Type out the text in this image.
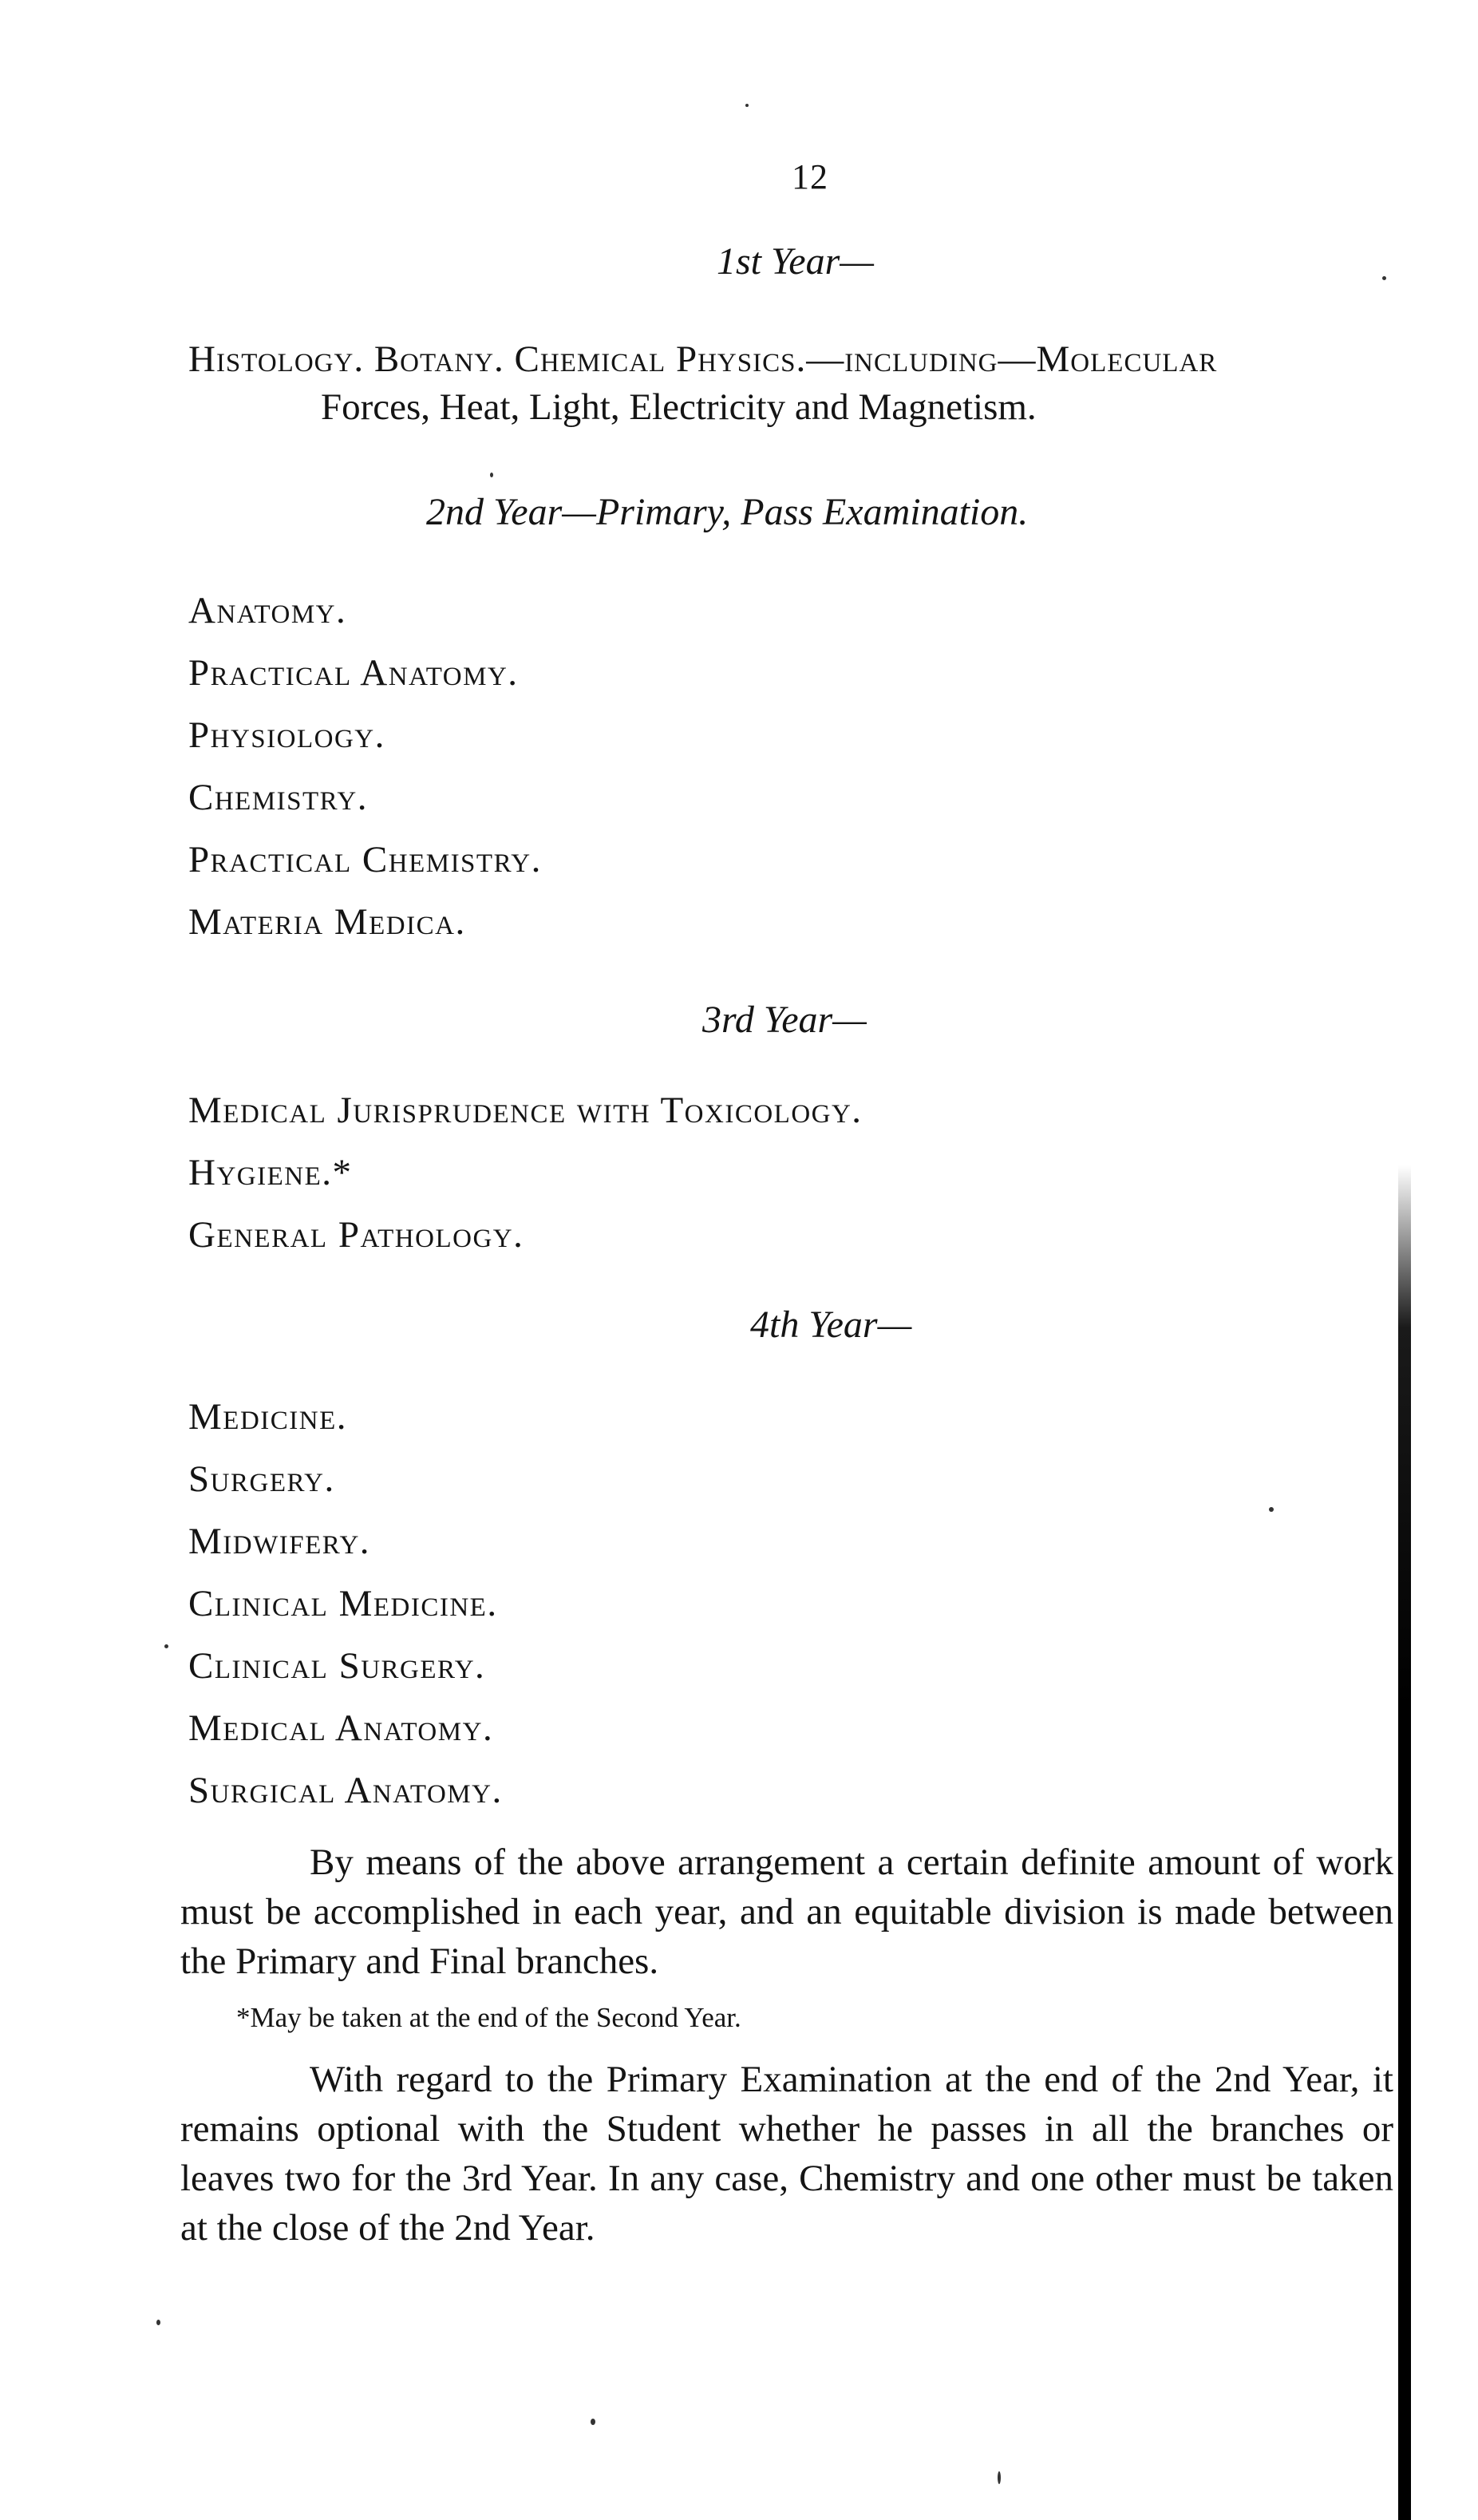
12
1st Year—
Histology. Botany. Chemical Physics.—including—Molecular
Forces, Heat, Light, Electricity and Magnetism.
2nd Year—Primary, Pass Examination.
Anatomy.
Practical Anatomy.
Physiology.
Chemistry.
Practical Chemistry.
Materia Medica.
3rd Year—
Medical Jurisprudence with Toxicology.
Hygiene.*
General Pathology.
4th Year—
Medicine.
Surgery.
Midwifery.
Clinical Medicine.
Clinical Surgery.
Medical Anatomy.
Surgical Anatomy.

By means of the above arrangement a certain definite amount of work must be accomplished in each year, and an equitable division is made between the Primary and Final branches.

*May be taken at the end of the Second Year.

With regard to the Primary Examination at the end of the 2nd Year, it remains optional with the Student whether he passes in all the branches or leaves two for the 3rd Year. In any case, Chemistry and one other must be taken at the close of the 2nd Year.
